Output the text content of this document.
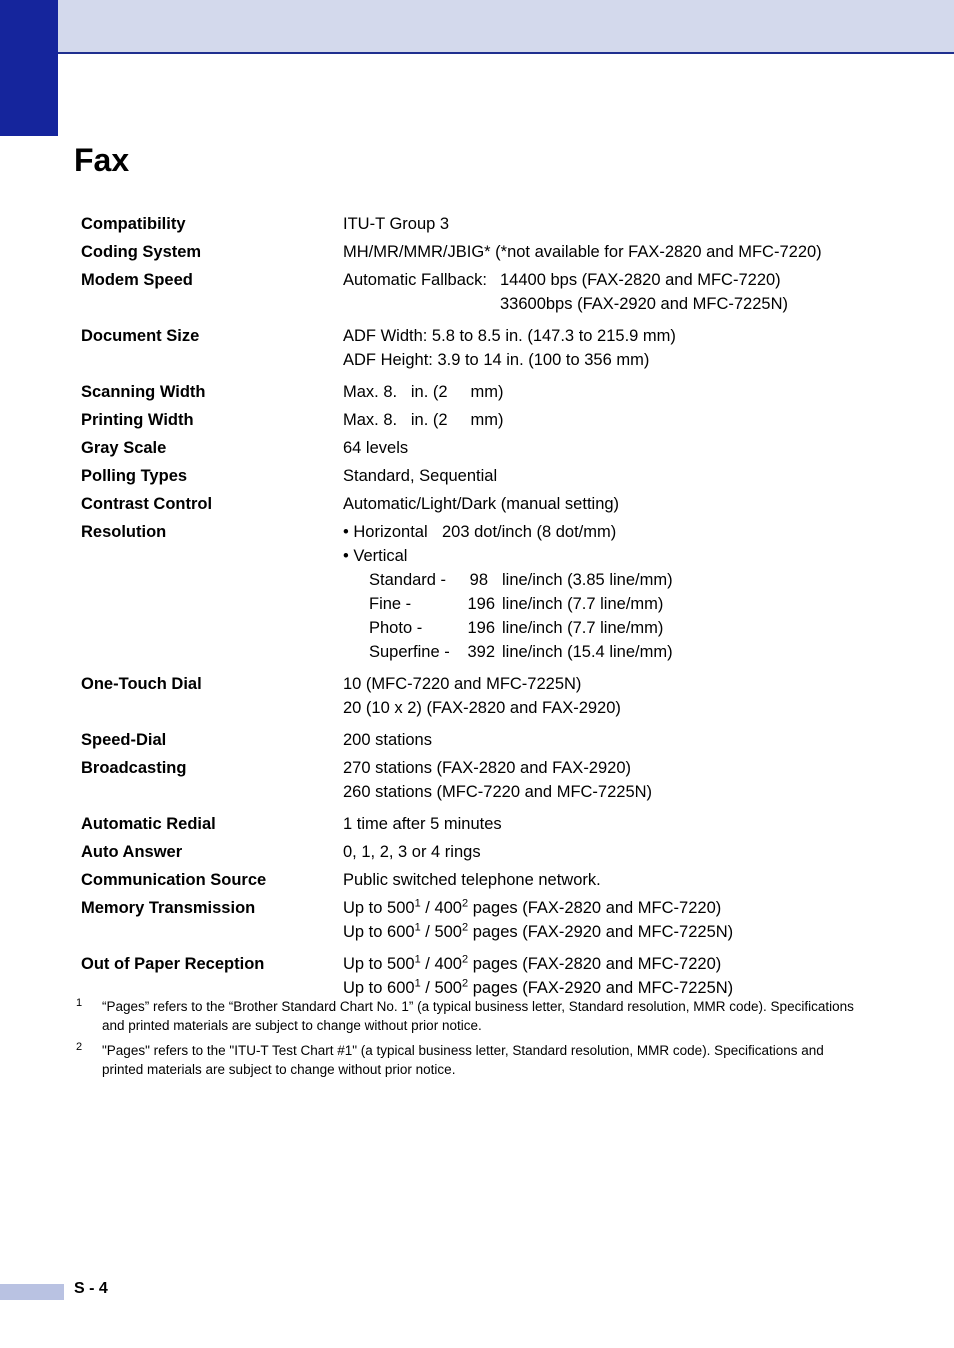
Fax
Compatibility	ITU-T Group 3
Coding System	MH/MR/MMR/JBIG* (*not available for FAX-2820 and MFC-7220)
Modem Speed	Automatic Fallback: 14400 bps (FAX-2820 and MFC-7220)
33600bps (FAX-2920 and MFC-7225N)
Document Size	ADF Width: 5.8 to 8.5 in. (147.3 to 215.9 mm)
ADF Height: 3.9 to 14 in. (100 to 356 mm)
Scanning Width	Max. 8.   in. (2     mm)
Printing Width	Max. 8.   in. (2     mm)
Gray Scale	64 levels
Polling Types	Standard, Sequential
Contrast Control	Automatic/Light/Dark (manual setting)
Resolution	• Horizontal 203 dot/inch (8 dot/mm)
• Vertical
Standard -	98 line/inch (3.85 line/mm)
Fine -	196 line/inch (7.7 line/mm)
Photo -	196 line/inch (7.7 line/mm)
Superfine -	392 line/inch (15.4 line/mm)
One-Touch Dial	10 (MFC-7220 and MFC-7225N)
20 (10 x 2) (FAX-2820 and FAX-2920)
Speed-Dial	200 stations
Broadcasting	270 stations (FAX-2820 and FAX-2920)
260 stations (MFC-7220 and MFC-7225N)
Automatic Redial	1 time after 5 minutes
Auto Answer	0, 1, 2, 3 or 4 rings
Communication Source	Public switched telephone network.
Memory Transmission	Up to $500^1 / 400^2$ pages (FAX-2820 and MFC-7220)
Up to $600^1 / 500^2$ pages (FAX-2920 and MFC-7225N)
Out of Paper Reception	Up to $500^1 / 400^2$ pages (FAX-2820 and MFC-7220)
Up to $600^1 / 500^2$ pages (FAX-2920 and MFC-7225N)
1 “Pages” refers to the “Brother Standard Chart No. 1” (a typical business letter, Standard resolution, MMR code). Specifications and printed materials are subject to change without prior notice.
2 "Pages" refers to the "ITU-T Test Chart #1" (a typical business letter, Standard resolution, MMR code). Specifications and printed materials are subject to change without prior notice.
S - 4
